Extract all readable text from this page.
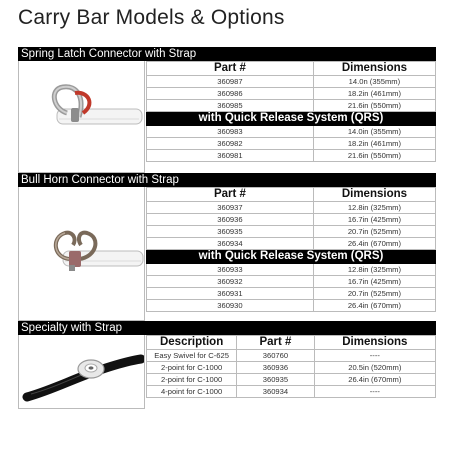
Carry Bar Models & Options
Spring Latch Connector with Strap
Part #	Dimensions
360987	14.0n (355mm)
360986	18.2in (461mm)
360985	21.6in (550mm)
with Quick Release System (QRS)	
360983	14.0in (355mm)
360982	18.2in (461mm)
360981	21.6in (550mm)
Bull Horn Connector with Strap
Part #	Dimensions
360937	12.8in (325mm)
360936	16.7in (425mm)
360935	20.7in (525mm)
360934	26.4in (670mm)
with Quick Release System (QRS)	
360933	12.8in (325mm)
360932	16.7in (425mm)
360931	20.7in (525mm)
360930	26.4in (670mm)
Specialty with Strap
Description	Part #	Dimensions
Easy Swivel for C-625	360760	----
2-point for C-1000	360936	20.5in (520mm)
2-point for C-1000	360935	26.4in (670mm)
4-point for C-1000	360934	----
